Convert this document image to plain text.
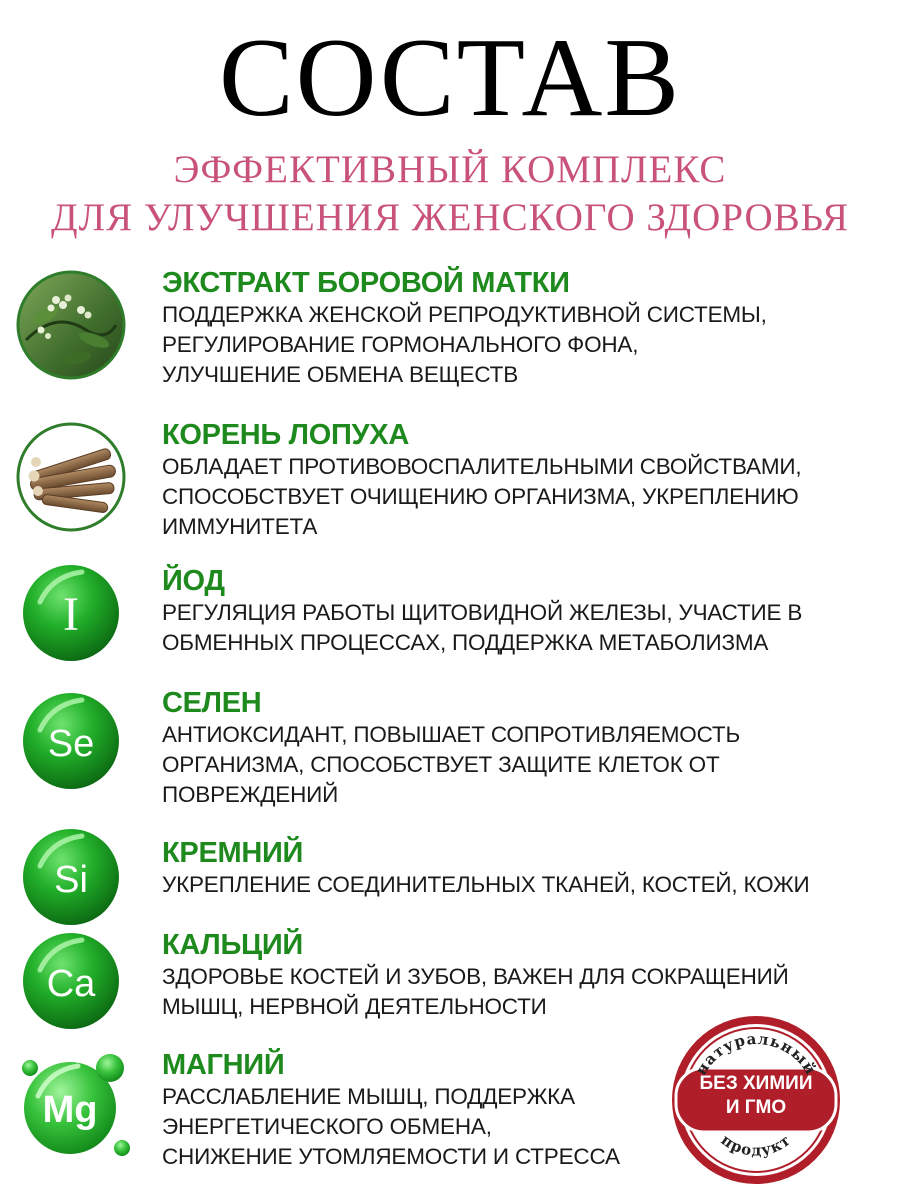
СОСТАВ
ЭФФЕКТИВНЫЙ КОМПЛЕКС
ДЛЯ УЛУЧШЕНИЯ ЖЕНСКОГО ЗДОРОВЬЯ
ЭКСТРАКТ БОРОВОЙ МАТКИ
ПОДДЕРЖКА ЖЕНСКОЙ РЕПРОДУКТИВНОЙ СИСТЕМЫ,
РЕГУЛИРОВАНИЕ ГОРМОНАЛЬНОГО ФОНА,
УЛУЧШЕНИЕ ОБМЕНА ВЕЩЕСТВ
КОРЕНЬ ЛОПУХА
ОБЛАДАЕТ ПРОТИВОВОСПАЛИТЕЛЬНЫМИ СВОЙСТВАМИ,
СПОСОБСТВУЕТ ОЧИЩЕНИЮ ОРГАНИЗМА, УКРЕПЛЕНИЮ
ИММУНИТЕТА
I
ЙОД
РЕГУЛЯЦИЯ РАБОТЫ ЩИТОВИДНОЙ ЖЕЛЕЗЫ, УЧАСТИЕ В
ОБМЕННЫХ ПРОЦЕССАХ, ПОДДЕРЖКА МЕТАБОЛИЗМА
Se
СЕЛЕН
АНТИОКСИДАНТ, ПОВЫШАЕТ СОПРОТИВЛЯЕМОСТЬ
ОРГАНИЗМА, СПОСОБСТВУЕТ ЗАЩИТЕ КЛЕТОК ОТ
ПОВРЕЖДЕНИЙ
Si
КРЕМНИЙ
УКРЕПЛЕНИЕ СОЕДИНИТЕЛЬНЫХ ТКАНЕЙ, КОСТЕЙ, КОЖИ
Ca
КАЛЬЦИЙ
ЗДОРОВЬЕ КОСТЕЙ И ЗУБОВ, ВАЖЕН ДЛЯ СОКРАЩЕНИЙ
МЫШЦ, НЕРВНОЙ ДЕЯТЕЛЬНОСТИ
Mg
МАГНИЙ
РАССЛАБЛЕНИЕ МЫШЦ, ПОДДЕРЖКА
ЭНЕРГЕТИЧЕСКОГО ОБМЕНА,
СНИЖЕНИЕ УТОМЛЯЕМОСТИ И СТРЕССА
натуральный
продукт
БЕЗ ХИМИИ
И ГМО
